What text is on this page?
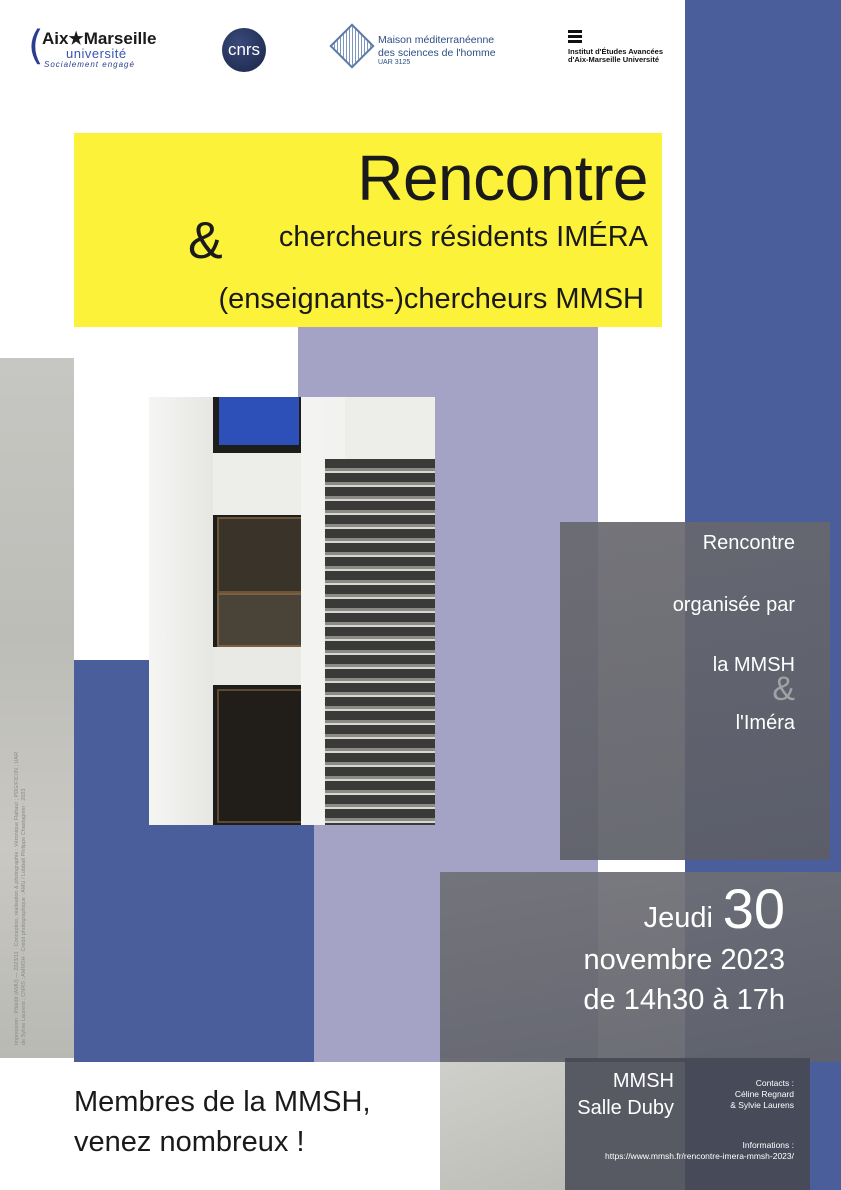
(
Aix★Marseille
université
Socialement engagé
cnrs	Maison méditerranéenne
des sciences de l'homme
UAR 3125
Institut d'Études Avancées d'Aix-Marseille Université
Rencontre
& chercheurs résidents IMÉRA
(enseignants-)chercheurs MMSH
Impression : Pôlédit (AMU) — 2023/11 · Conception, réalisation & photographie : Véronique Flahaut ; PDG/FIC/IN ; UAR de Sylvie Laurens ; CNRS ; AMMSH · Crédit photographique : AMU / Lobbalt Philippe Chastagnier · 2023
Rencontre
organisée par
la MMSH
&
l'Iméra
Jeudi 30
novembre 2023
de 14h30 à 17h
MMSH
Salle Duby
Contacts :
Céline Regnard
& Sylvie Laurens
Informations :
https://www.mmsh.fr/rencontre-imera-mmsh-2023/
Membres de la MMSH,
venez nombreux !
